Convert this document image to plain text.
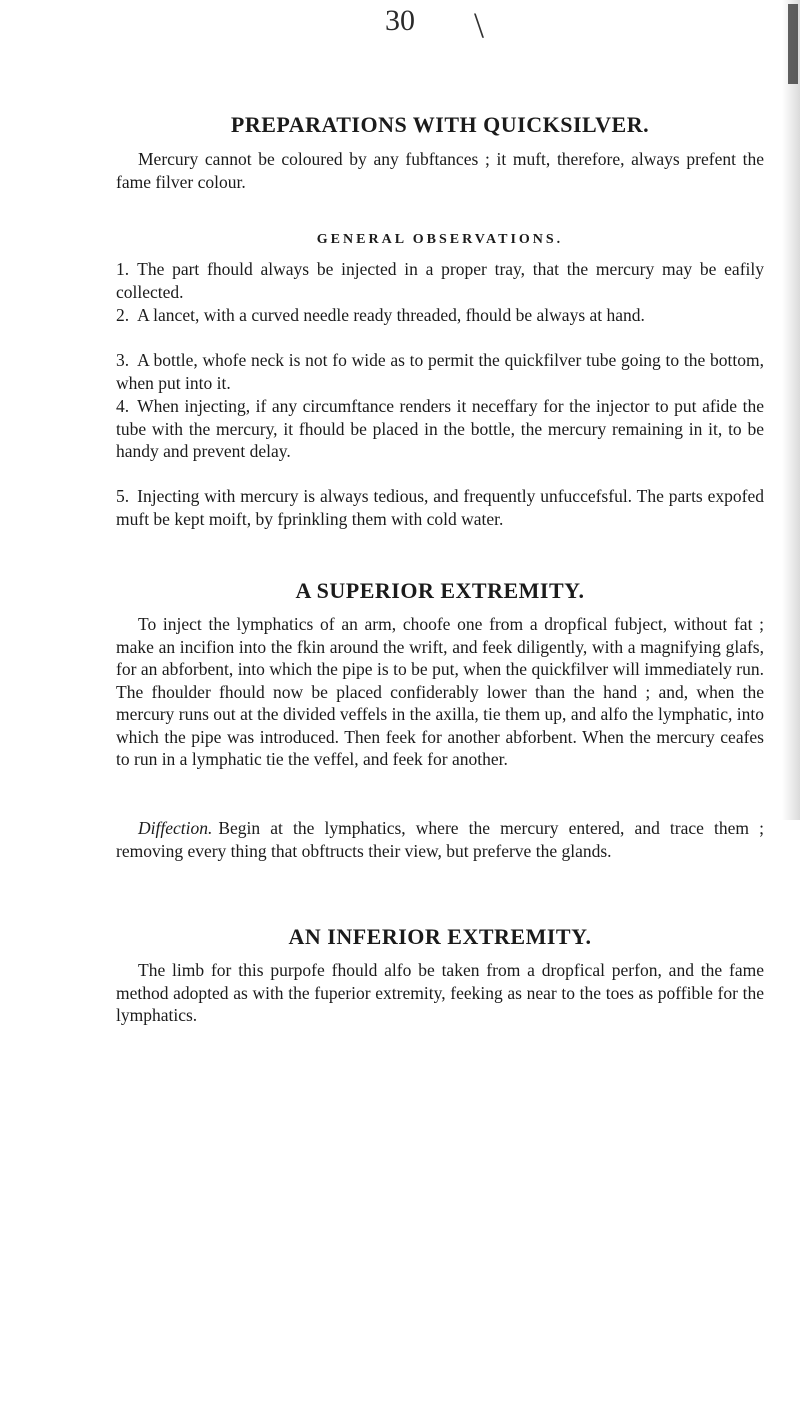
30	\
PREPARATIONS WITH QUICKSILVER.

Mercury cannot be coloured by any fubftances ; it muft, therefore, always prefent the fame filver colour.

GENERAL OBSERVATIONS.

1. The part fhould always be injected in a proper tray, that the mercury may be eafily collected.

2. A lancet, with a curved needle ready threaded, fhould be always at hand.

3. A bottle, whofe neck is not fo wide as to permit the quickfilver tube going to the bottom, when put into it.

4. When injecting, if any circumftance renders it neceffary for the injector to put afide the tube with the mercury, it fhould be placed in the bottle, the mercury remaining in it, to be handy and prevent delay.

5. Injecting with mercury is always tedious, and frequently unfuccefsful. The parts expofed muft be kept moift, by fprinkling them with cold water.

A SUPERIOR EXTREMITY.

To inject the lymphatics of an arm, choofe one from a dropfical fubject, without fat ; make an incifion into the fkin around the wrift, and feek diligently, with a magnifying glafs, for an abforbent, into which the pipe is to be put, when the quickfilver will immediately run. The fhoulder fhould now be placed confiderably lower than the hand ; and, when the mercury runs out at the divided veffels in the axilla, tie them up, and alfo the lymphatic, into which the pipe was introduced. Then feek for another abforbent. When the mercury ceafes to run in a lymphatic tie the veffel, and feek for another.

Diffection. Begin at the lymphatics, where the mercury entered, and trace them ; removing every thing that obftructs their view, but preferve the glands.

AN INFERIOR EXTREMITY.

The limb for this purpofe fhould alfo be taken from a dropfical perfon, and the fame method adopted as with the fuperior extremity, feeking as near to the toes as poffible for the lymphatics.
